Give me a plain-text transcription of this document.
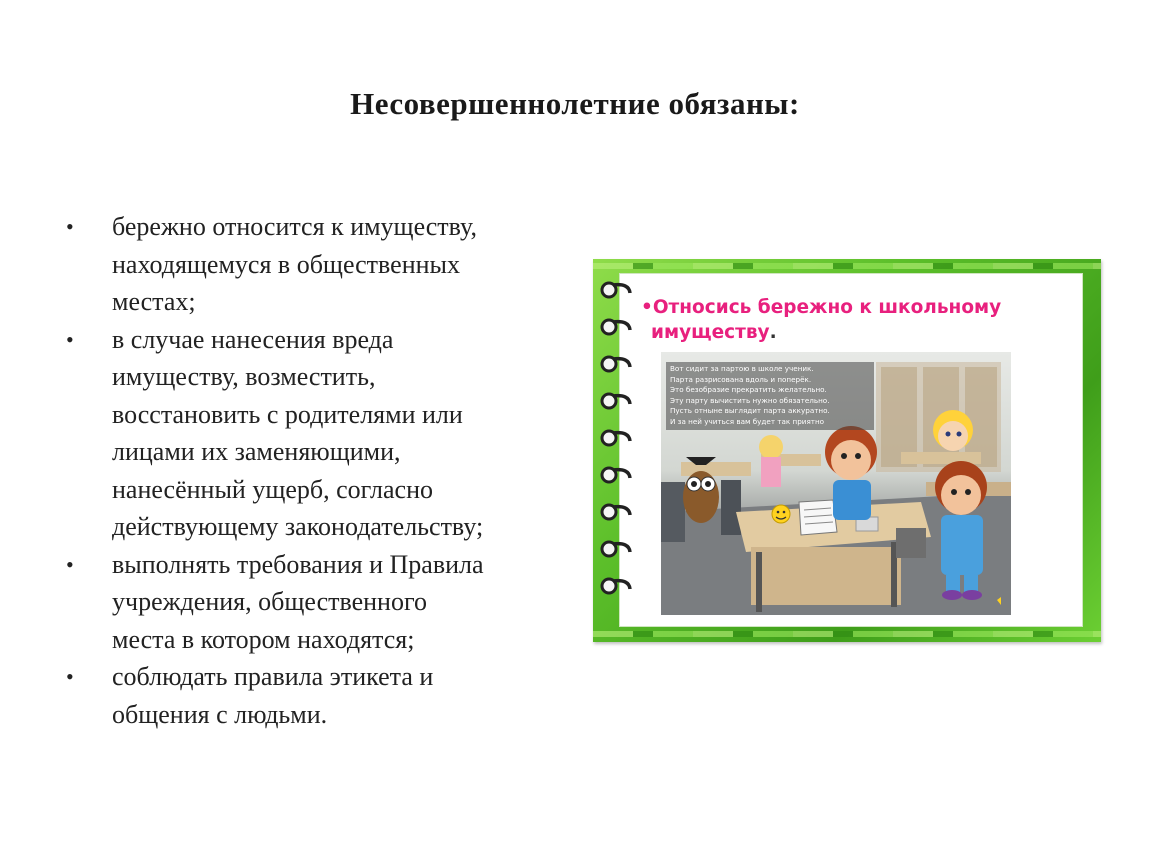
Несовершеннолетние обязаны:
• бережно относится к имуществу,
находящемуся в общественных
местах;
• в случае нанесения вреда
имуществу, возместить,
восстановить с родителями или
лицами их заменяющими,
нанесённый ущерб, согласно
действующему законодательству;
• выполнять требования и Правила
учреждения, общественного
места в котором находятся;
• соблюдать правила этикета и
общения с людьми.
•Относись бережно к школьному
имуществу.
Вот сидит за партою в школе ученик.
Парта разрисована вдоль и поперёк.
Это безобразие прекратить желательно.
Эту парту вычистить нужно обязательно.
Пусть отныне выглядит парта аккуратно.
И за ней учиться вам будет так приятно
